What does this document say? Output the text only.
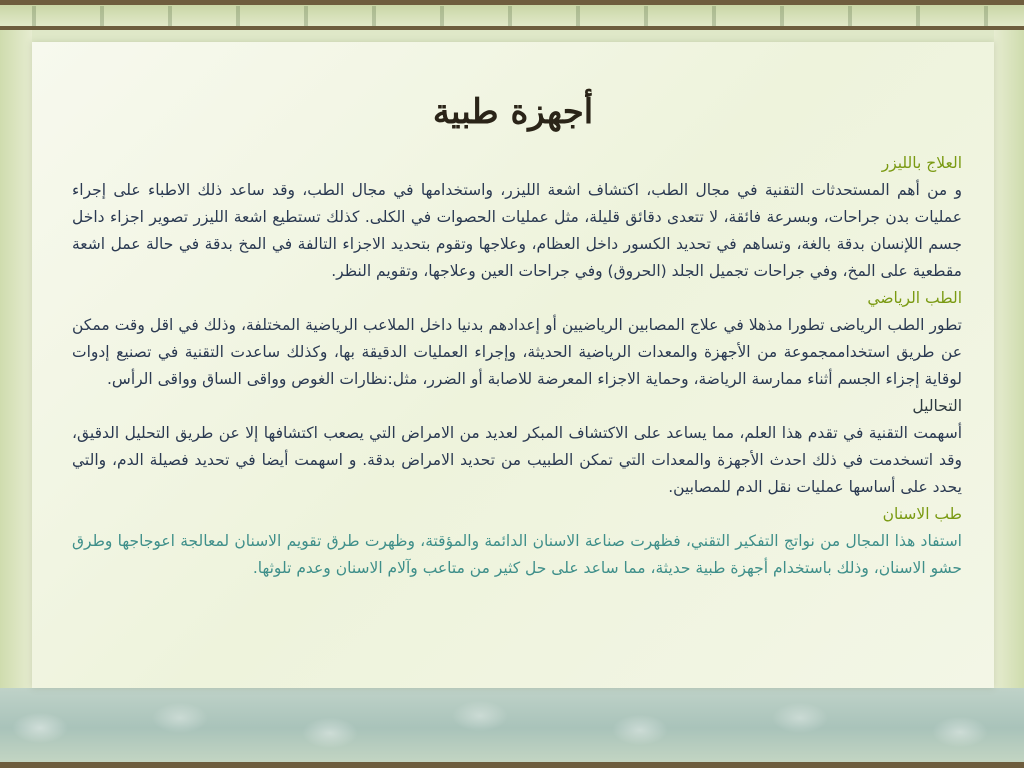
أجهزة طبية

العلاج بالليزر

و من أهم المستحدثات التقنية في مجال الطب، اكتشاف اشعة الليزر، واستخدامها في مجال الطب، وقد ساعد ذلك الاطباء على إجراء عمليات بدن جراحات، وبسرعة فائقة، لا تتعدى دقائق قليلة، مثل عمليات الحصوات في الكلى. كذلك تستطيع اشعة الليزر تصوير اجزاء داخل جسم اللإنسان بدقة بالغة، وتساهم في تحديد الكسور داخل العظام، وعلاجها وتقوم بتحديد الاجزاء التالفة في المخ بدقة في حالة عمل اشعة مقطعية على المخ، وفي جراحات تجميل الجلد (الحروق) وفي جراحات العين وعلاجها، وتقويم النظر.

الطب الرياضي

تطور الطب الرياضى تطورا مذهلا في علاج المصابين الرياضيين أو إعدادهم بدنيا داخل الملاعب الرياضية المختلفة، وذلك في اقل وقت ممكن عن طريق استخداممجموعة من الأجهزة والمعدات الرياضية الحديثة، وإجراء العمليات الدقيقة بها، وكذلك ساعدت التقنية في تصنيع إدوات لوقاية إجزاء الجسم أثناء ممارسة الرياضة، وحماية الاجزاء المعرضة للاصابة أو الضرر، مثل:نظارات الغوص وواقى الساق وواقى الرأس.

التحاليل

أسهمت التقنية في تقدم هذا العلم، مما يساعد على الاكتشاف المبكر لعديد من الامراض التي يصعب اكتشافها إلا عن طريق التحليل الدقيق، وقد اتسخدمت في ذلك احدث الأجهزة والمعدات التي تمكن الطبيب من تحديد الامراض بدقة. و اسهمت أيضا في تحديد فصيلة الدم، والتي يحدد على أساسها عمليات نقل الدم للمصابين.

طب الاسنان

استفاد هذا المجال من نواتج التفكير التقني، فظهرت صناعة الاسنان الدائمة والمؤقتة، وظهرت طرق تقويم الاسنان لمعالجة اعوجاجها وطرق حشو الاسنان، وذلك باستخدام أجهزة طبية حديثة، مما ساعد على حل كثير من متاعب وآلام الاسنان وعدم تلوثها.
